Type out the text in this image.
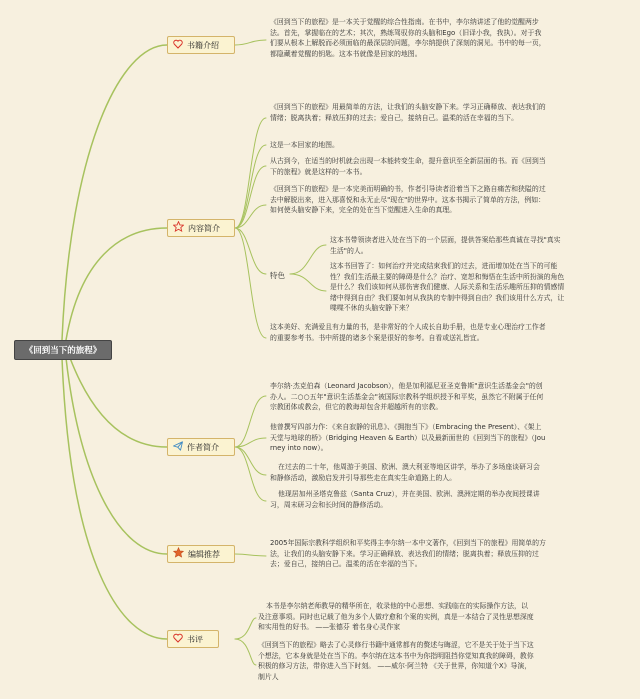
《回到当下的旅程》
书籍介绍

《回到当下的旅程》是一本关于觉醒的综合性指南。在书中，李尔纳讲述了他的觉醒两步法。首先，掌握临在的艺术；其次，熟练驾驭你的头脑和Ego（旧译小我，我执）。对于我们要从根本上解脱而必须面临的最深层的问题，李尔纳提供了深刻的洞见。书中的每一页，都隐藏着觉醒的钥匙。这本书就像是回家的地图。

内容简介

《回到当下的旅程》用最简单的方法，让我们的头脑安静下来。学习正确释放、表达我们的情绪；脱离执着；释放压抑的过去；爱自己，接纳自己。温柔的活在幸福的当下。

这是一本回家的地图。

从古到今，在适当的时机就会出现一本能转变生命，提升意识至全新层面的书。而《回到当下的旅程》就是这样的一本书。

《回到当下的旅程》是一本完美而明确的书，作者引导读者沿着当下之路自痛苦和狭隘的过去中解脱出来，进入那喜悦和永无止尽"现在"的世界中。这本书揭示了简单的方法，例如：如何使头脑安静下来，完全的处在当下觉醒进入生命的真理。

特色

这本书带领读者进入处在当下的一个层面，提供答案给那些真诚在寻找"真实生活"的人。

这本书回答了：如何治疗并完成结束我们的过去，进而增加处在当下的可能性？我们生活最主要的障碍是什么？治疗、宽恕和悔悟在生活中所扮演的角色是什么？我们该如何从那伤害我们健康、人际关系和生活乐趣所压抑的情感情绪中得到自由？我们要如何从我执的专制中得到自由？我们该用什么方式，让喋喋不休的头脑安静下来？

这本美好、充满爱且有力量的书，是非常好的个人成长自助手册，也是专业心理治疗工作者的重要参考书。书中所提的诸多个案是很好的参考。自看或送礼皆宜。

作者简介

李尔纳·杰克伯森（Leonard Jacobson），他是加利福尼亚圣克鲁斯"意识生活基金会"的创办人。二○○五年"意识生活基金会"被国际宗教科学组织授予和平奖，虽然它不附属于任何宗教团体或教会，但它的教诲却包含并超越所有的宗教。

他曾撰写四部力作：《来自寂静的讯息》、《拥抱当下》（Embracing the Present）、《架上天堂与地球的桥》（Bridging Heaven & Earth）以及最新面世的《回到当下的旅程》（Journey into now）。

在过去的二十年，他周游于美国、欧洲、澳大利亚等地区讲学，举办了多场座谈研习会和静修活动，激励启发并引导那些走在真实生命道路上的人。

他现居加州圣塔克鲁兹（Santa Cruz），并在美国、欧洲、澳洲定期的举办夜间授课讲习，周末研习会和长时间的静修活动。

编辑推荐

2005年国际宗教科学组织和平奖得主李尔纳一本中文著作，《回到当下的旅程》用简单的方法，让我们的头脑安静下来。学习正确释放、表达我们的情绪；脱离执着；释放压抑的过去；爱自己，接纳自己。温柔的活在幸福的当下。

书评

本书是李尔纳老师教导的精华所在，收录他的中心思想、实践临在的实际操作方法，以及注意事项。同时也记载了他为多个人做疗愈和个案的实例，真是一本结合了灵性思想深度和实用性的好书。 ——张德芬 着名身心灵作家

《回到当下的旅程》略去了心灵修行书籍中通常都有的赘述与晦涩，它不是关于处于当下这个想法，它本身就是处在当下的。李尔纳在这本书中为你指明阻挡你觉知真我的障碍，教你积极的修习方法，带你进入当下时刻。 ——威尔·阿兰特 《关于世界，你知道个X》导演，制片人
